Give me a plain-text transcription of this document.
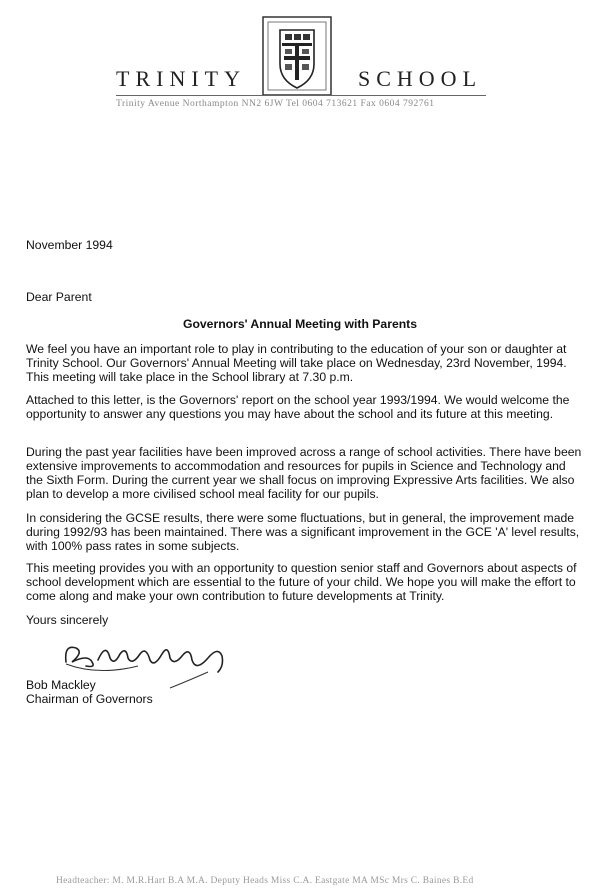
TRINITY	SCHOOL
Trinity Avenue Northampton NN2 6JW Tel 0604 713621 Fax 0604 792761
November 1994
Dear Parent
Governors' Annual Meeting with Parents
We feel you have an important role to play in contributing to the education of your son or daughter at Trinity School. Our Governors' Annual Meeting will take place on Wednesday, 23rd November, 1994. This meeting will take place in the School library at 7.30 p.m.
Attached to this letter, is the Governors' report on the school year 1993/1994. We would welcome the opportunity to answer any questions you may have about the school and its future at this meeting.
During the past year facilities have been improved across a range of school activities. There have been extensive improvements to accommodation and resources for pupils in Science and Technology and the Sixth Form. During the current year we shall focus on improving Expressive Arts facilities. We also plan to develop a more civilised school meal facility for our pupils.
In considering the GCSE results, there were some fluctuations, but in general, the improvement made during 1992/93 has been maintained. There was a significant improvement in the GCE 'A' level results, with 100% pass rates in some subjects.
This meeting provides you with an opportunity to question senior staff and Governors about aspects of school development which are essential to the future of your child. We hope you will make the effort to come along and make your own contribution to future developments at Trinity.
Yours sincerely
Bob Mackley
Chairman of Governors
Headteacher: M. M.R.Hart B.A M.A. Deputy Heads Miss C.A. Eastgate MA MSc Mrs C. Baines B.Ed
